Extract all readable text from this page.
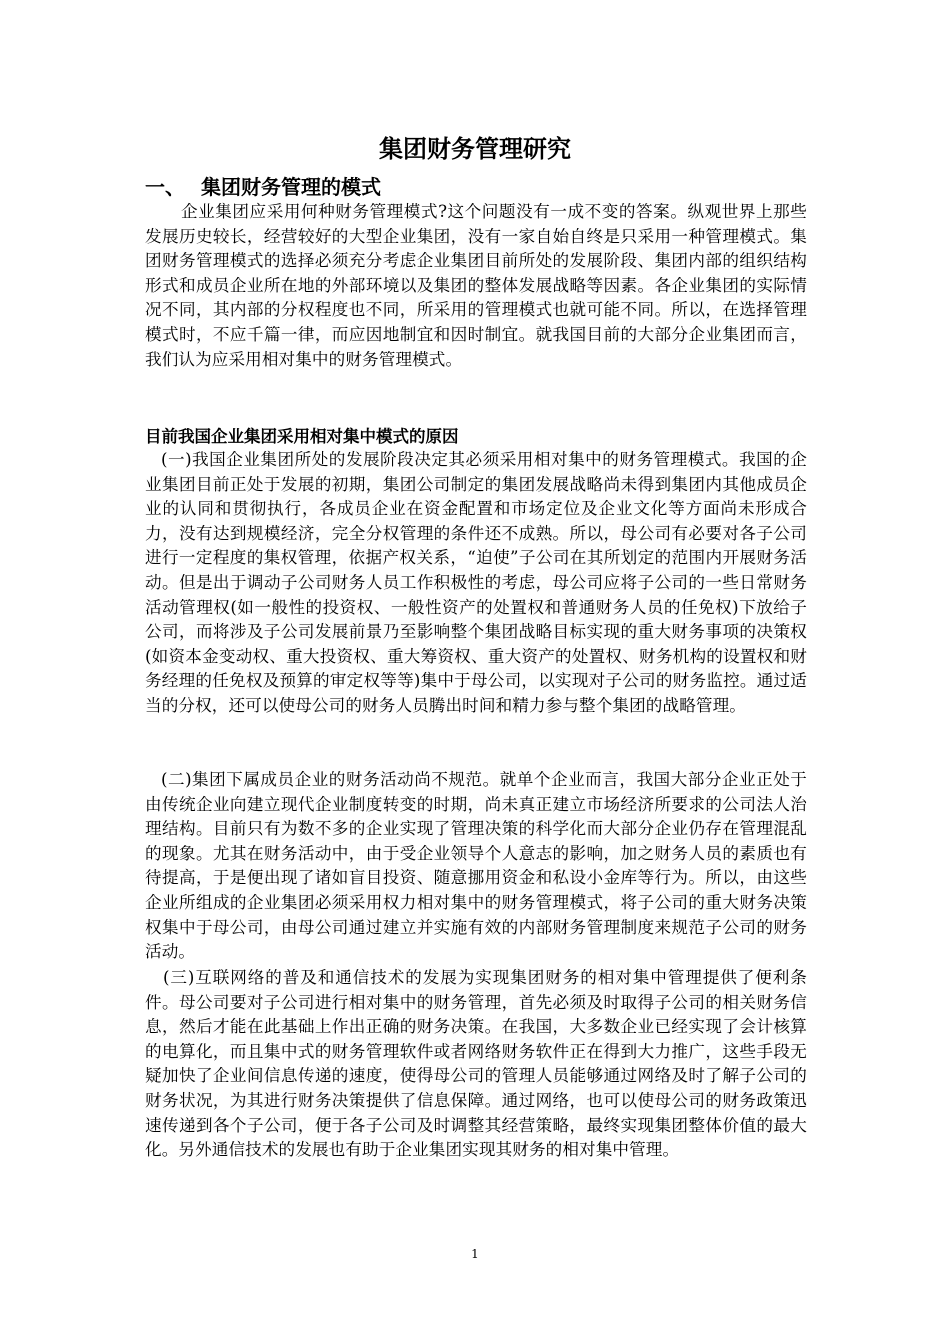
集团财务管理研究
一、 集团财务管理的模式

企业集团应采用何种财务管理模式?这个问题没有一成不变的答案。纵观世界上那些发展历史较长，经营较好的大型企业集团，没有一家自始自终是只采用一种管理模式。集团财务管理模式的选择必须充分考虑企业集团目前所处的发展阶段、集团内部的组织结构形式和成员企业所在地的外部环境以及集团的整体发展战略等因素。各企业集团的实际情况不同，其内部的分权程度也不同，所采用的管理模式也就可能不同。所以，在选择管理模式时，不应千篇一律，而应因地制宜和因时制宜。就我国目前的大部分企业集团而言，我们认为应采用相对集中的财务管理模式。

目前我国企业集团采用相对集中模式的原因

(一)我国企业集团所处的发展阶段决定其必须采用相对集中的财务管理模式。我国的企业集团目前正处于发展的初期，集团公司制定的集团发展战略尚未得到集团内其他成员企业的认同和贯彻执行，各成员企业在资金配置和市场定位及企业文化等方面尚未形成合力，没有达到规模经济，完全分权管理的条件还不成熟。所以，母公司有必要对各子公司进行一定程度的集权管理，依据产权关系，“迫使”子公司在其所划定的范围内开展财务活动。但是出于调动子公司财务人员工作积极性的考虑，母公司应将子公司的一些日常财务活动管理权(如一般性的投资权、一般性资产的处置权和普通财务人员的任免权)下放给子公司，而将涉及子公司发展前景乃至影响整个集团战略目标实现的重大财务事项的决策权 (如资本金变动权、重大投资权、重大筹资权、重大资产的处置权、财务机构的设置权和财务经理的任免权及预算的审定权等等)集中于母公司，以实现对子公司的财务监控。通过适当的分权，还可以使母公司的财务人员腾出时间和精力参与整个集团的战略管理。

(二)集团下属成员企业的财务活动尚不规范。就单个企业而言，我国大部分企业正处于由传统企业向建立现代企业制度转变的时期，尚未真正建立市场经济所要求的公司法人治理结构。目前只有为数不多的企业实现了管理决策的科学化而大部分企业仍存在管理混乱的现象。尤其在财务活动中，由于受企业领导个人意志的影响，加之财务人员的素质也有待提高，于是便出现了诸如盲目投资、随意挪用资金和私设小金库等行为。所以，由这些企业所组成的企业集团必须采用权力相对集中的财务管理模式，将子公司的重大财务决策权集中于母公司，由母公司通过建立并实施有效的内部财务管理制度来规范子公司的财务活动。

(三)互联网络的普及和通信技术的发展为实现集团财务的相对集中管理提供了便利条件。母公司要对子公司进行相对集中的财务管理，首先必须及时取得子公司的相关财务信息，然后才能在此基础上作出正确的财务决策。在我国，大多数企业已经实现了会计核算的电算化，而且集中式的财务管理软件或者网络财务软件正在得到大力推广，这些手段无疑加快了企业间信息传递的速度，使得母公司的管理人员能够通过网络及时了解子公司的财务状况，为其进行财务决策提供了信息保障。通过网络，也可以使母公司的财务政策迅速传递到各个子公司，便于各子公司及时调整其经营策略，最终实现集团整体价值的最大化。另外通信技术的发展也有助于企业集团实现其财务的相对集中管理。

1
